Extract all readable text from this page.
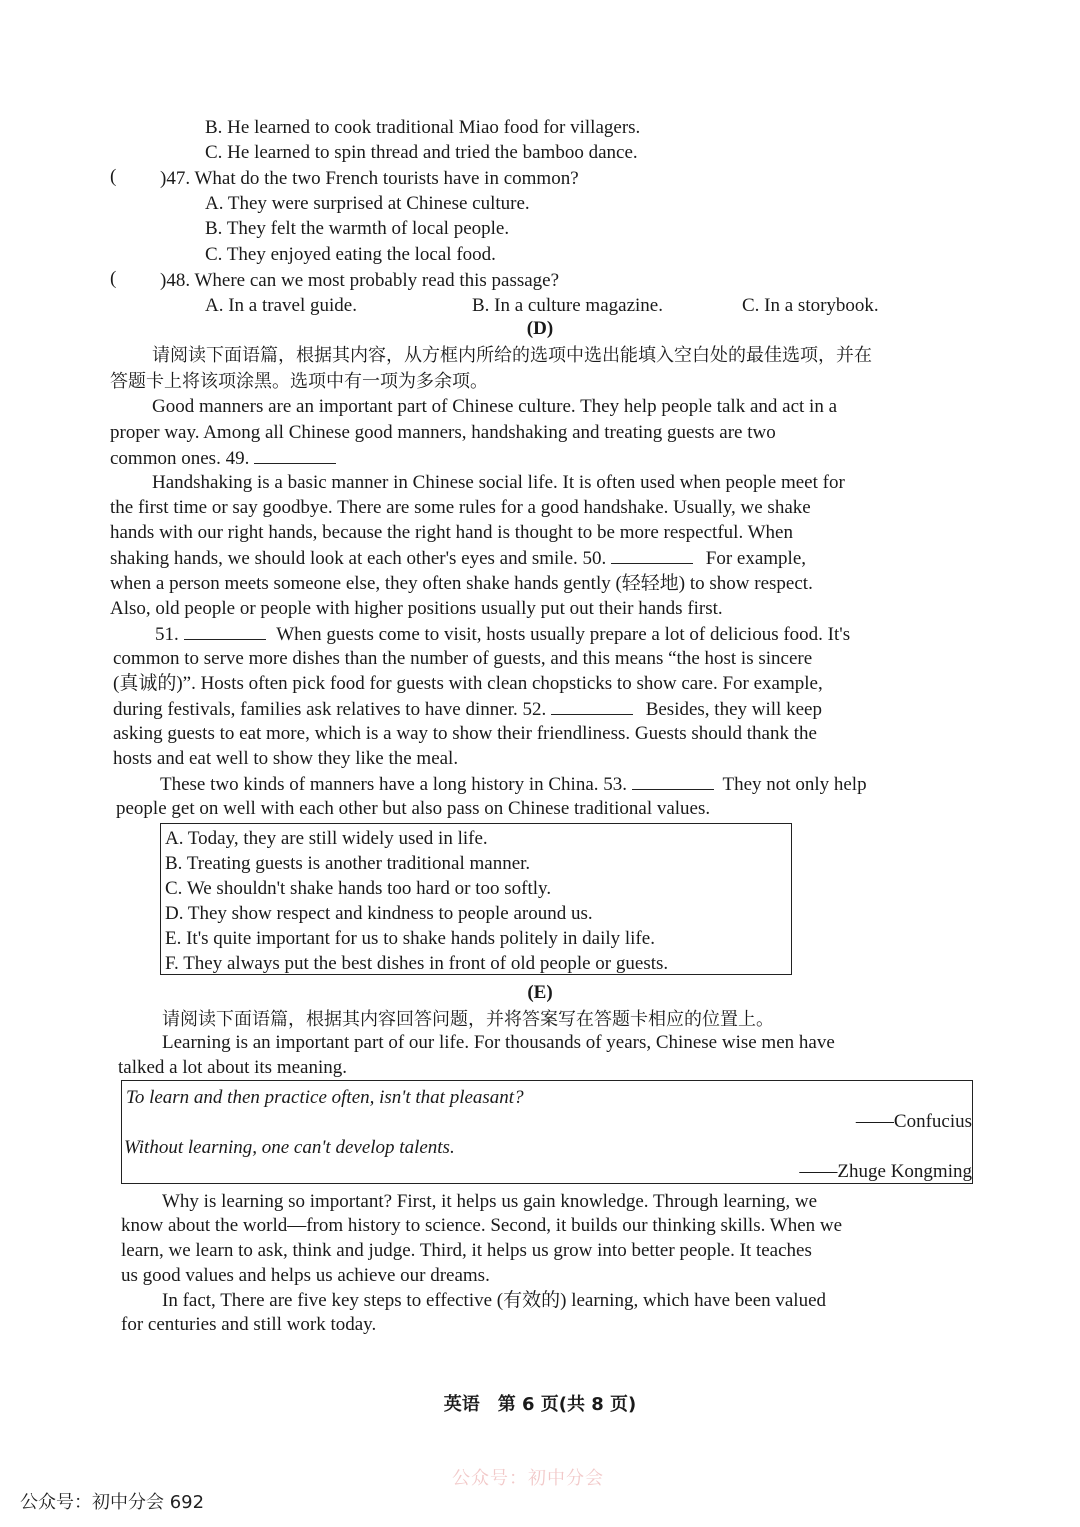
B. He learned to cook traditional Miao food for villagers.
C. He learned to spin thread and tried the bamboo dance.
( )47. What do the two French tourists have in common?
A. They were surprised at Chinese culture.
B. They felt the warmth of local people.
C. They enjoyed eating the local food.
( )48. Where can we most probably read this passage?
A. In a travel guide.	B. In a culture magazine.	C. In a storybook.
(D)
请阅读下面语篇，根据其内容，从方框内所给的选项中选出能填入空白处的最佳选项，并在
答题卡上将该项涂黑。选项中有一项为多余项。
Good manners are an important part of Chinese culture. They help people talk and act in a
proper way. Among all Chinese good manners, handshaking and treating guests are two
common ones. 49.
Handshaking is a basic manner in Chinese social life. It is often used when people meet for
the first time or say goodbye. There are some rules for a good handshake. Usually, we shake
hands with our right hands, because the right hand is thought to be more respectful. When
shaking hands, we should look at each other's eyes and smile. 50.	For example,
when a person meets someone else, they often shake hands gently (轻轻地) to show respect.
Also, old people or people with higher positions usually put out their hands first.
51.	When guests come to visit, hosts usually prepare a lot of delicious food. It's
common to serve more dishes than the number of guests, and this means “the host is sincere
(真诚的)”. Hosts often pick food for guests with clean chopsticks to show care. For example,
during festivals, families ask relatives to have dinner. 52.	Besides, they will keep
asking guests to eat more, which is a way to show their friendliness. Guests should thank the
hosts and eat well to show they like the meal.
These two kinds of manners have a long history in China. 53.	They not only help
people get on well with each other but also pass on Chinese traditional values.
A. Today, they are still widely used in life.
B. Treating guests is another traditional manner.
C. We shouldn't shake hands too hard or too softly.
D. They show respect and kindness to people around us.
E. It's quite important for us to shake hands politely in daily life.
F. They always put the best dishes in front of old people or guests.
(E)
请阅读下面语篇，根据其内容回答问题，并将答案写在答题卡相应的位置上。
Learning is an important part of our life. For thousands of years, Chinese wise men have
talked a lot about its meaning.
To learn and then practice often, isn't that pleasant?
——Confucius
Without learning, one can't develop talents.
——Zhuge Kongming
Why is learning so important? First, it helps us gain knowledge. Through learning, we
know about the world—from history to science. Second, it builds our thinking skills. When we
learn, we learn to ask, think and judge. Third, it helps us grow into better people. It teaches
us good values and helps us achieve our dreams.
In fact, There are five key steps to effective (有效的) learning, which have been valued
for centuries and still work today.
英语　第 6 页(共 8 页)
公众号：初中分会
公众号：初中分会 692
